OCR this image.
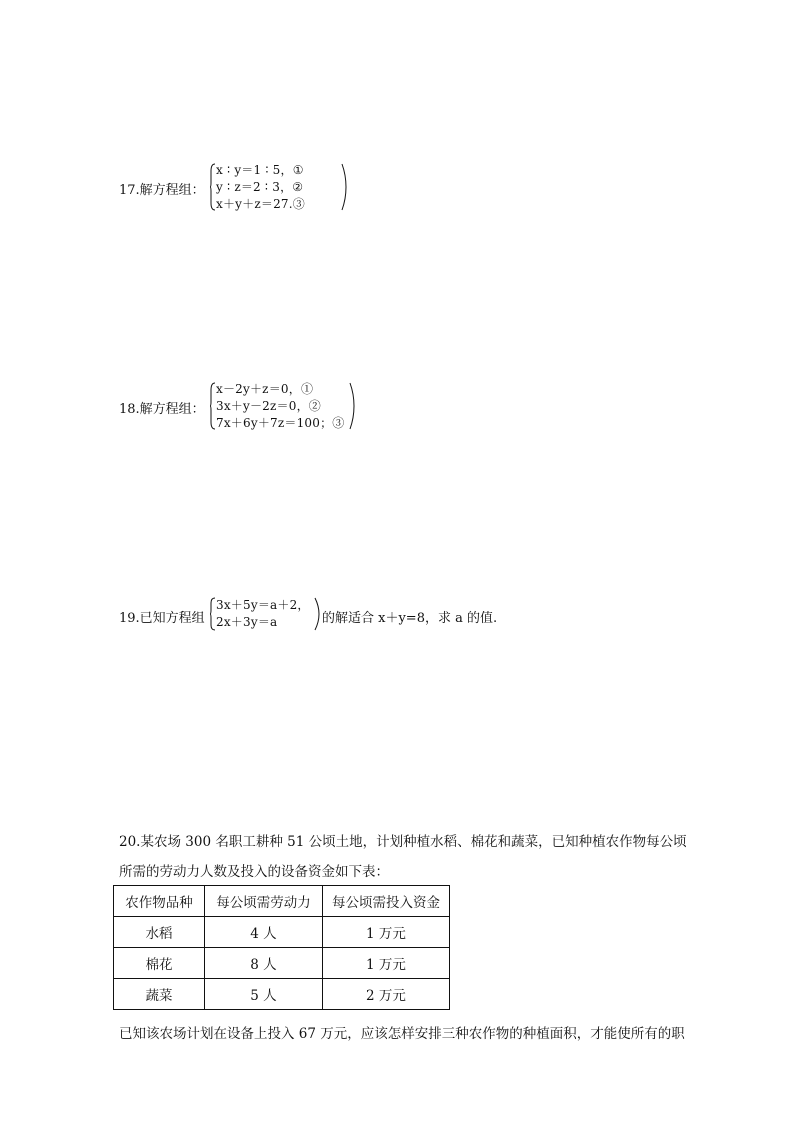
17.解方程组：
x ∶ y＝1 ∶ 5，①
y ∶ z＝2 ∶ 3，②
x＋y＋z＝27.③
18.解方程组：
x－2y＋z＝0，①
3x＋y－2z＝0，②
7x＋6y＋7z＝100；③
19.已知方程组
3x＋5y＝a＋2，
2x＋3y＝a	的解适合 x＋y=8，求 a 的值.
20.某农场 300 名职工耕种 51 公顷土地，计划种植水稻、棉花和蔬菜，已知种植农作物每公顷
所需的劳动力人数及投入的设备资金如下表：
农作物品种	每公顷需劳动力	每公顷需投入资金
水稻	4 人	1 万元
棉花	8 人	1 万元
蔬菜	5 人	2 万元
已知该农场计划在设备上投入 67 万元，应该怎样安排三种农作物的种植面积，才能使所有的职
